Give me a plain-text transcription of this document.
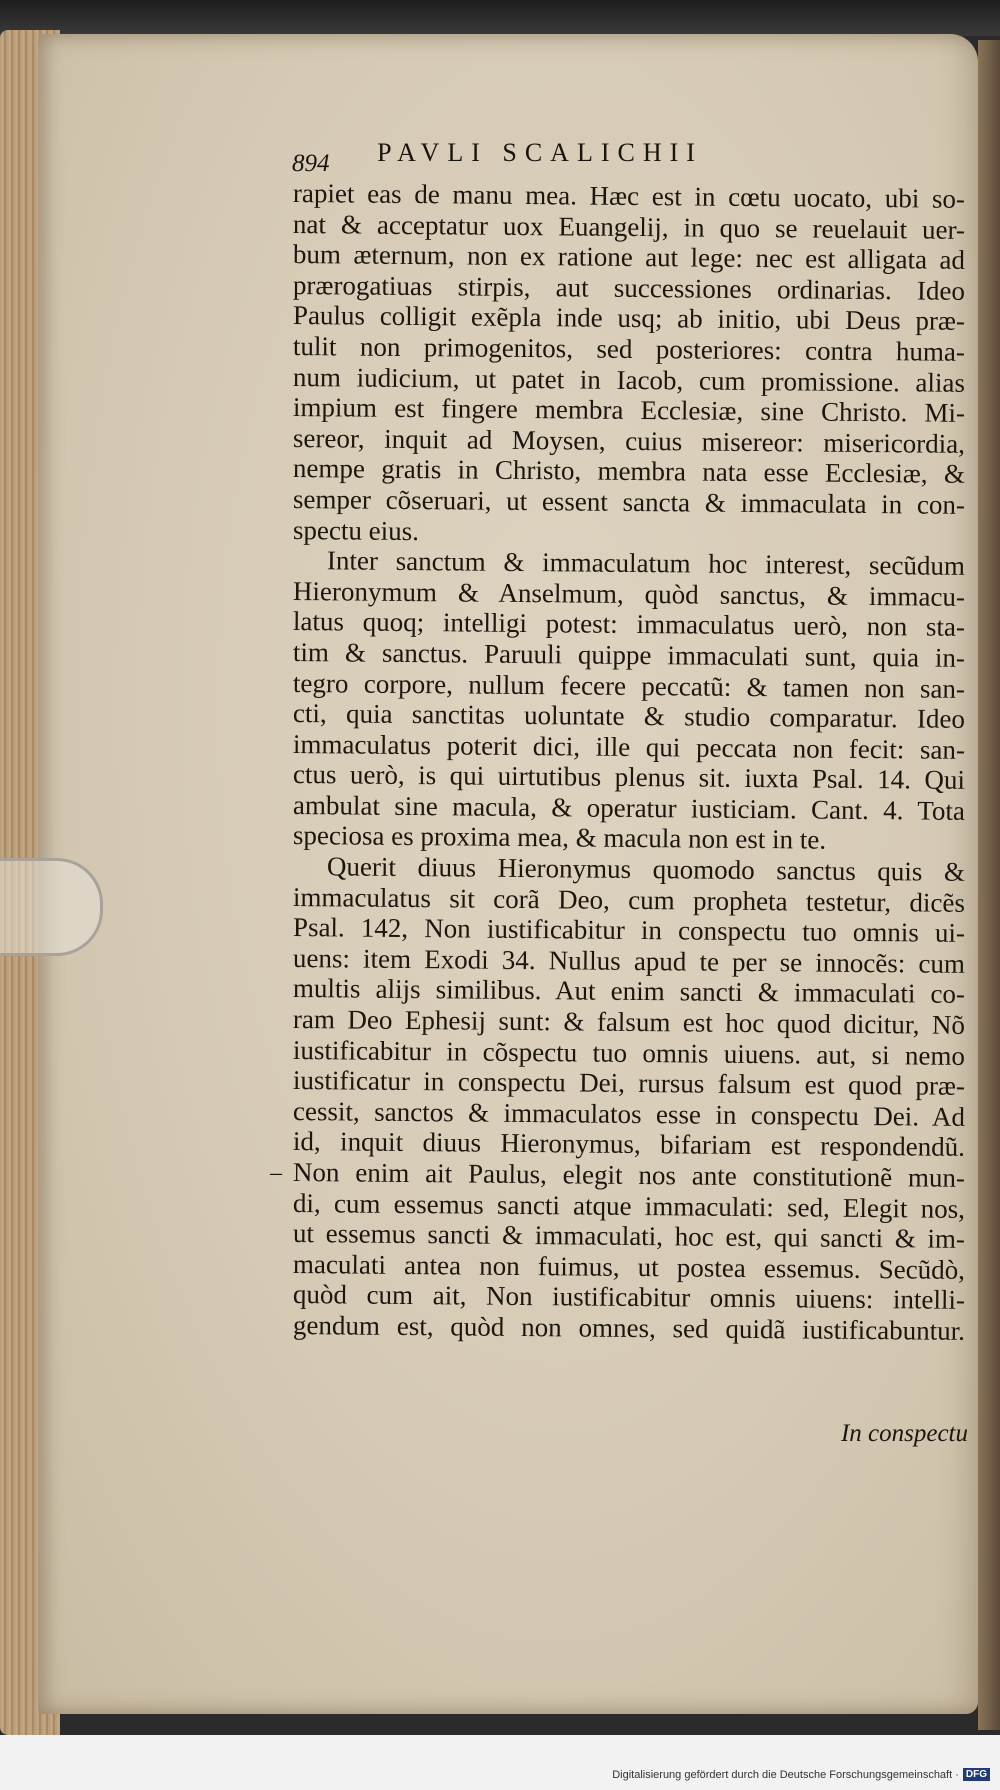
894	PAVLI SCALICHII
–
rapiet eas de manu mea. Hæc est in cœtu uocato, ubi so-
nat & acceptatur uox Euangelij, in quo se reuelauit uer-
bum æternum, non ex ratione aut lege: nec est alligata ad
prærogatiuas stirpis, aut successiones ordinarias. Ideo
Paulus colligit exẽpla inde usq; ab initio, ubi Deus præ-
tulit non primogenitos, sed posteriores: contra huma-
num iudicium, ut patet in Iacob, cum promissione. alias
impium est fingere membra Ecclesiæ, sine Christo. Mi-
sereor, inquit ad Moysen, cuius misereor: misericordia,
nempe gratis in Christo, membra nata esse Ecclesiæ, &
semper cõseruari, ut essent sancta & immaculata in con-
spectu eius.
Inter sanctum & immaculatum hoc interest, secũdum
Hieronymum & Anselmum, quòd sanctus, & immacu-
latus quoq; intelligi potest: immaculatus uerò, non sta-
tim & sanctus. Paruuli quippe immaculati sunt, quia in-
tegro corpore, nullum fecere peccatũ: & tamen non san-
cti, quia sanctitas uoluntate & studio comparatur. Ideo
immaculatus poterit dici, ille qui peccata non fecit: san-
ctus uerò, is qui uirtutibus plenus sit. iuxta Psal. 14. Qui
ambulat sine macula, & operatur iusticiam. Cant. 4. Tota
speciosa es proxima mea, & macula non est in te.
Querit diuus Hieronymus quomodo sanctus quis &
immaculatus sit corã Deo, cum propheta testetur, dicẽs
Psal. 142, Non iustificabitur in conspectu tuo omnis ui-
uens: item Exodi 34. Nullus apud te per se innocẽs: cum
multis alijs similibus. Aut enim sancti & immaculati co-
ram Deo Ephesij sunt: & falsum est hoc quod dicitur, Nõ
iustificabitur in cõspectu tuo omnis uiuens. aut, si nemo
iustificatur in conspectu Dei, rursus falsum est quod præ-
cessit, sanctos & immaculatos esse in conspectu Dei. Ad
id, inquit diuus Hieronymus, bifariam est respondendũ.
Non enim ait Paulus, elegit nos ante constitutionẽ mun-
di, cum essemus sancti atque immaculati: sed, Elegit nos,
ut essemus sancti & immaculati, hoc est, qui sancti & im-
maculati antea non fuimus, ut postea essemus. Secũdò,
quòd cum ait, Non iustificabitur omnis uiuens: intelli-
gendum est, quòd non omnes, sed quidã iustificabuntur.
In conspectu
Digitalisierung gefördert durch die Deutsche Forschungsgemeinschaft · DFG
